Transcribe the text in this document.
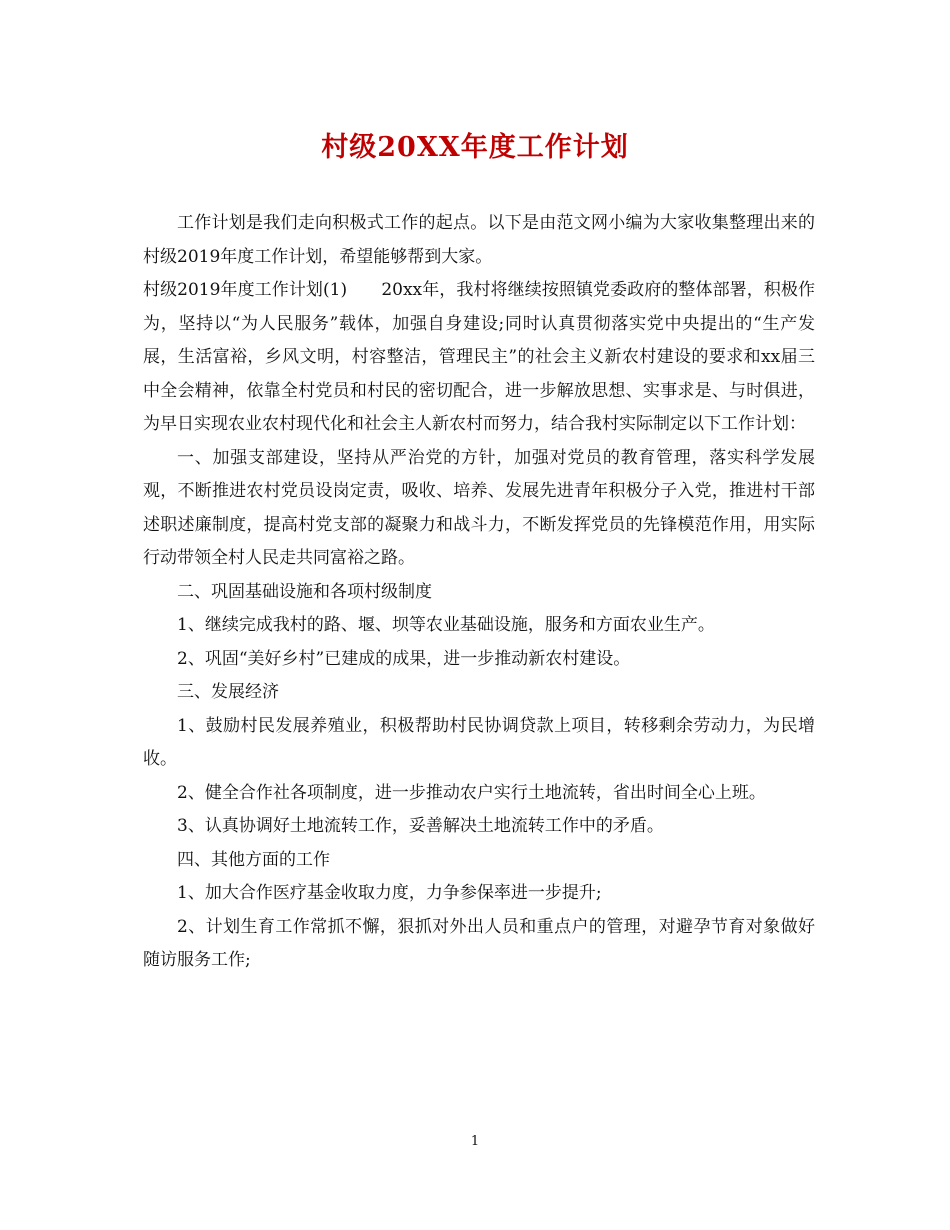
村级20XX年度工作计划

工作计划是我们走向积极式工作的起点。以下是由范文网小编为大家收集整理出来的村级2019年度工作计划，希望能够帮到大家。

村级2019年度工作计划(1)　　20xx年，我村将继续按照镇党委政府的整体部署，积极作为，坚持以“为人民服务”载体，加强自身建设;同时认真贯彻落实党中央提出的“生产发展，生活富裕，乡风文明，村容整洁，管理民主”的社会主义新农村建设的要求和xx届三中全会精神，依靠全村党员和村民的密切配合，进一步解放思想、实事求是、与时俱进，为早日实现农业农村现代化和社会主人新农村而努力，结合我村实际制定以下工作计划：

一、加强支部建设，坚持从严治党的方针，加强对党员的教育管理，落实科学发展观，不断推进农村党员设岗定责，吸收、培养、发展先进青年积极分子入党，推进村干部述职述廉制度，提高村党支部的凝聚力和战斗力，不断发挥党员的先锋模范作用，用实际行动带领全村人民走共同富裕之路。

二、巩固基础设施和各项村级制度

1、继续完成我村的路、堰、坝等农业基础设施，服务和方面农业生产。

2、巩固“美好乡村”已建成的成果，进一步推动新农村建设。

三、发展经济

1、鼓励村民发展养殖业，积极帮助村民协调贷款上项目，转移剩余劳动力，为民增收。

2、健全合作社各项制度，进一步推动农户实行土地流转，省出时间全心上班。

3、认真协调好土地流转工作，妥善解决土地流转工作中的矛盾。

四、其他方面的工作

1、加大合作医疗基金收取力度，力争参保率进一步提升;

2、计划生育工作常抓不懈，狠抓对外出人员和重点户的管理，对避孕节育对象做好随访服务工作;

1
